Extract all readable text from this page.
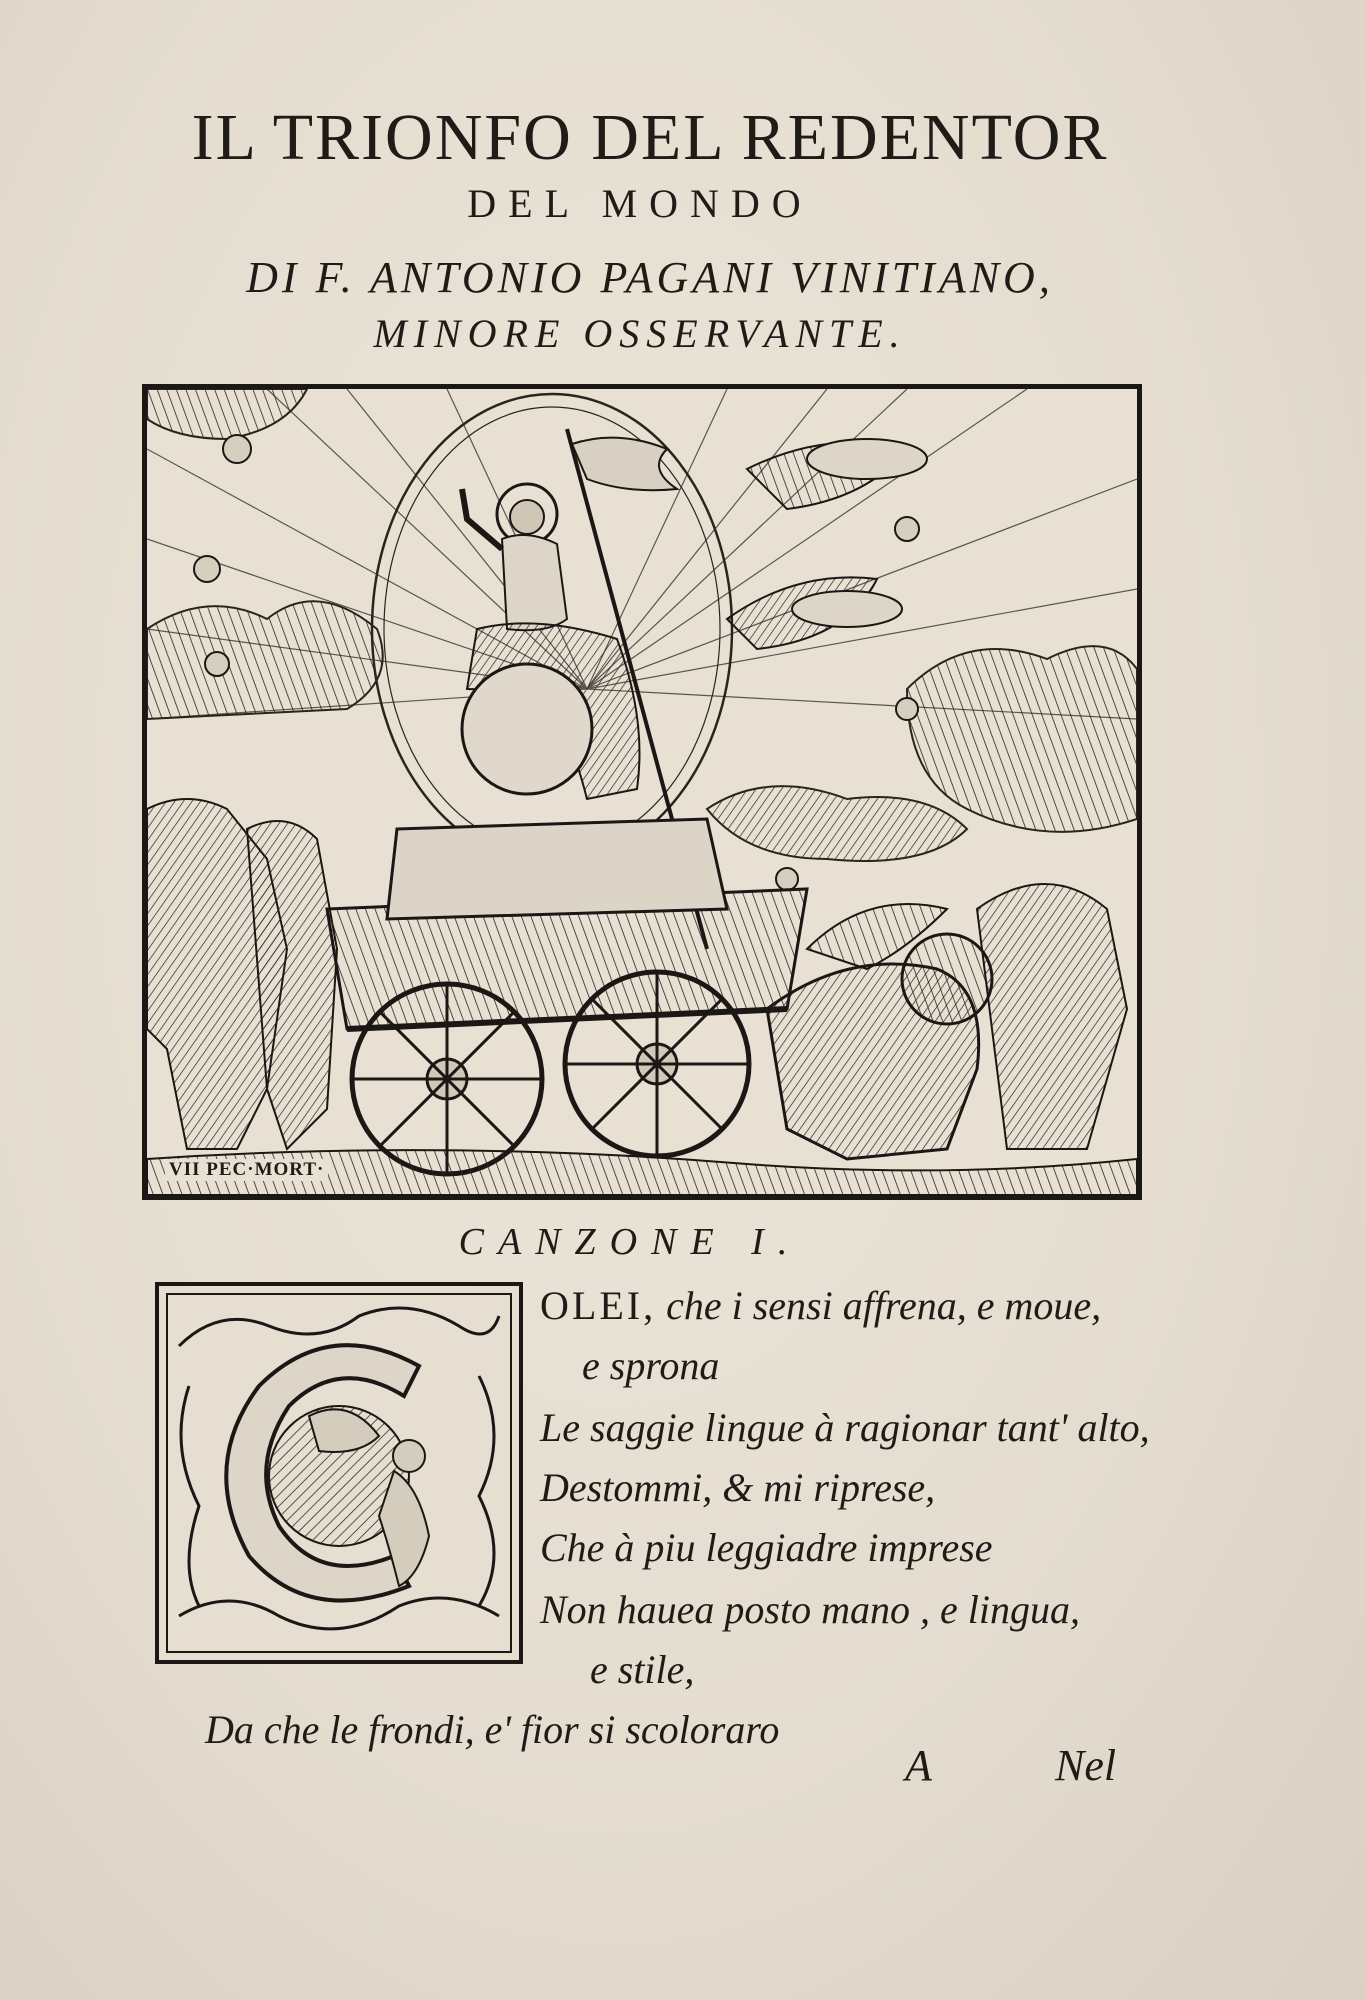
IL TRIONFO DEL REDENTOR
DEL MONDO
DI F. ANTONIO PAGANI VINITIANO,
MINORE OSSERVANTE.
VII PEC·MORT·
CANZONE I.
OLEI, che i sensi affrena, e moue,
e sprona
Le saggie lingue à ragionar tant' alto,
Destommi, & mi riprese,
Che à piu leggiadre imprese
Non hauea posto mano , e lingua,
e stile,
Da che le frondi, e' fior si scoloraro
A	Nel
